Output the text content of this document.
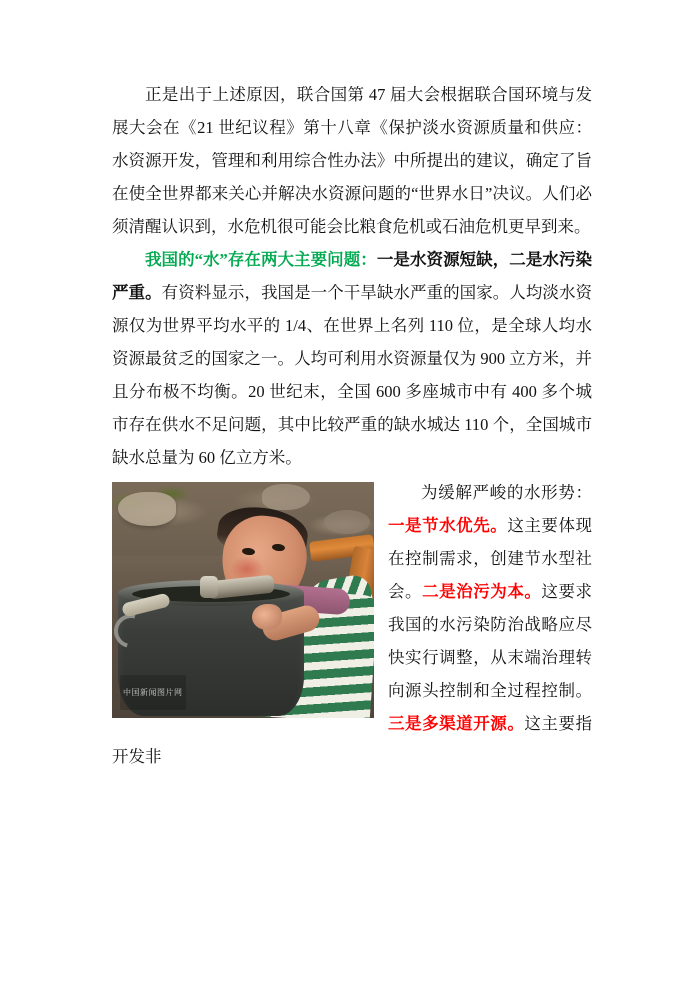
正是出于上述原因，联合国第 47 届大会根据联合国环境与发展大会在《21 世纪议程》第十八章《保护淡水资源质量和供应：水资源开发，管理和利用综合性办法》中所提出的建议，确定了旨在使全世界都来关心并解决水资源问题的“世界水日”决议。人们必须清醒认识到，水危机很可能会比粮食危机或石油危机更早到来。

我国的“水”存在两大主要问题：一是水资源短缺，二是水污染严重。有资料显示，我国是一个干旱缺水严重的国家。人均淡水资源仅为世界平均水平的 1/4、在世界上名列 110 位，是全球人均水资源最贫乏的国家之一。人均可利用水资源量仅为 900 立方米，并且分布极不均衡。20 世纪末，全国 600 多座城市中有 400 多个城市存在供水不足问题，其中比较严重的缺水城达 110 个，全国城市缺水总量为 60 亿立方米。

中国新闻图片网

为缓解严峻的水形势：一是节水优先。这主要体现在控制需求，创建节水型社会。二是治污为本。这要求我国的水污染防治战略应尽快实行调整，从末端治理转向源头控制和全过程控制。三是多渠道开源。这主要指开发非
